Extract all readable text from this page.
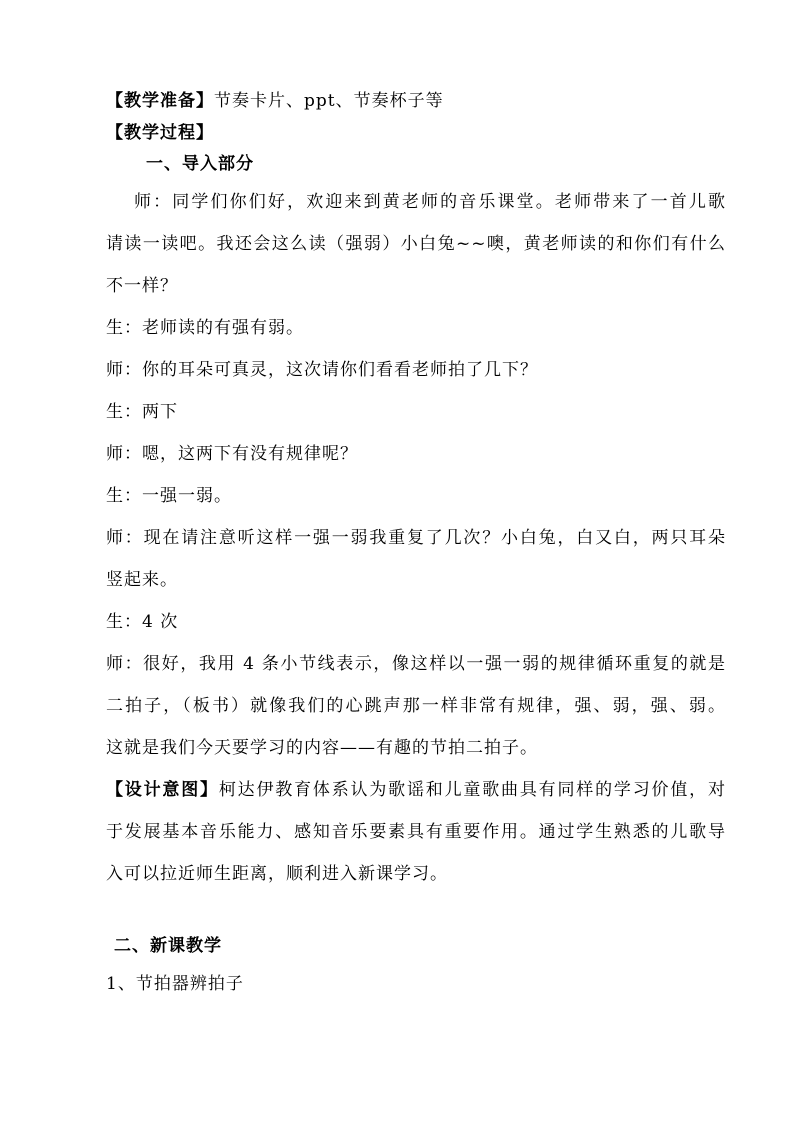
【教学准备】节奏卡片、ppt、节奏杯子等
【教学过程】
一、导入部分
师：同学们你们好，欢迎来到黄老师的音乐课堂。老师带来了一首儿歌
请读一读吧。我还会这么读（强弱）小白兔~~噢，黄老师读的和你们有什么
不一样？
生：老师读的有强有弱。
师：你的耳朵可真灵，这次请你们看看老师拍了几下？
生：两下
师：嗯，这两下有没有规律呢？
生：一强一弱。
师：现在请注意听这样一强一弱我重复了几次？小白兔，白又白，两只耳朵
竖起来。
生：4 次
师：很好，我用 4 条小节线表示，像这样以一强一弱的规律循环重复的就是
二拍子，（板书）就像我们的心跳声那一样非常有规律，强、弱，强、弱。
这就是我们今天要学习的内容——有趣的节拍二拍子。
【设计意图】柯达伊教育体系认为歌谣和儿童歌曲具有同样的学习价值，对
于发展基本音乐能力、感知音乐要素具有重要作用。通过学生熟悉的儿歌导
入可以拉近师生距离，顺利进入新课学习。
二、新课教学
1、节拍器辨拍子
